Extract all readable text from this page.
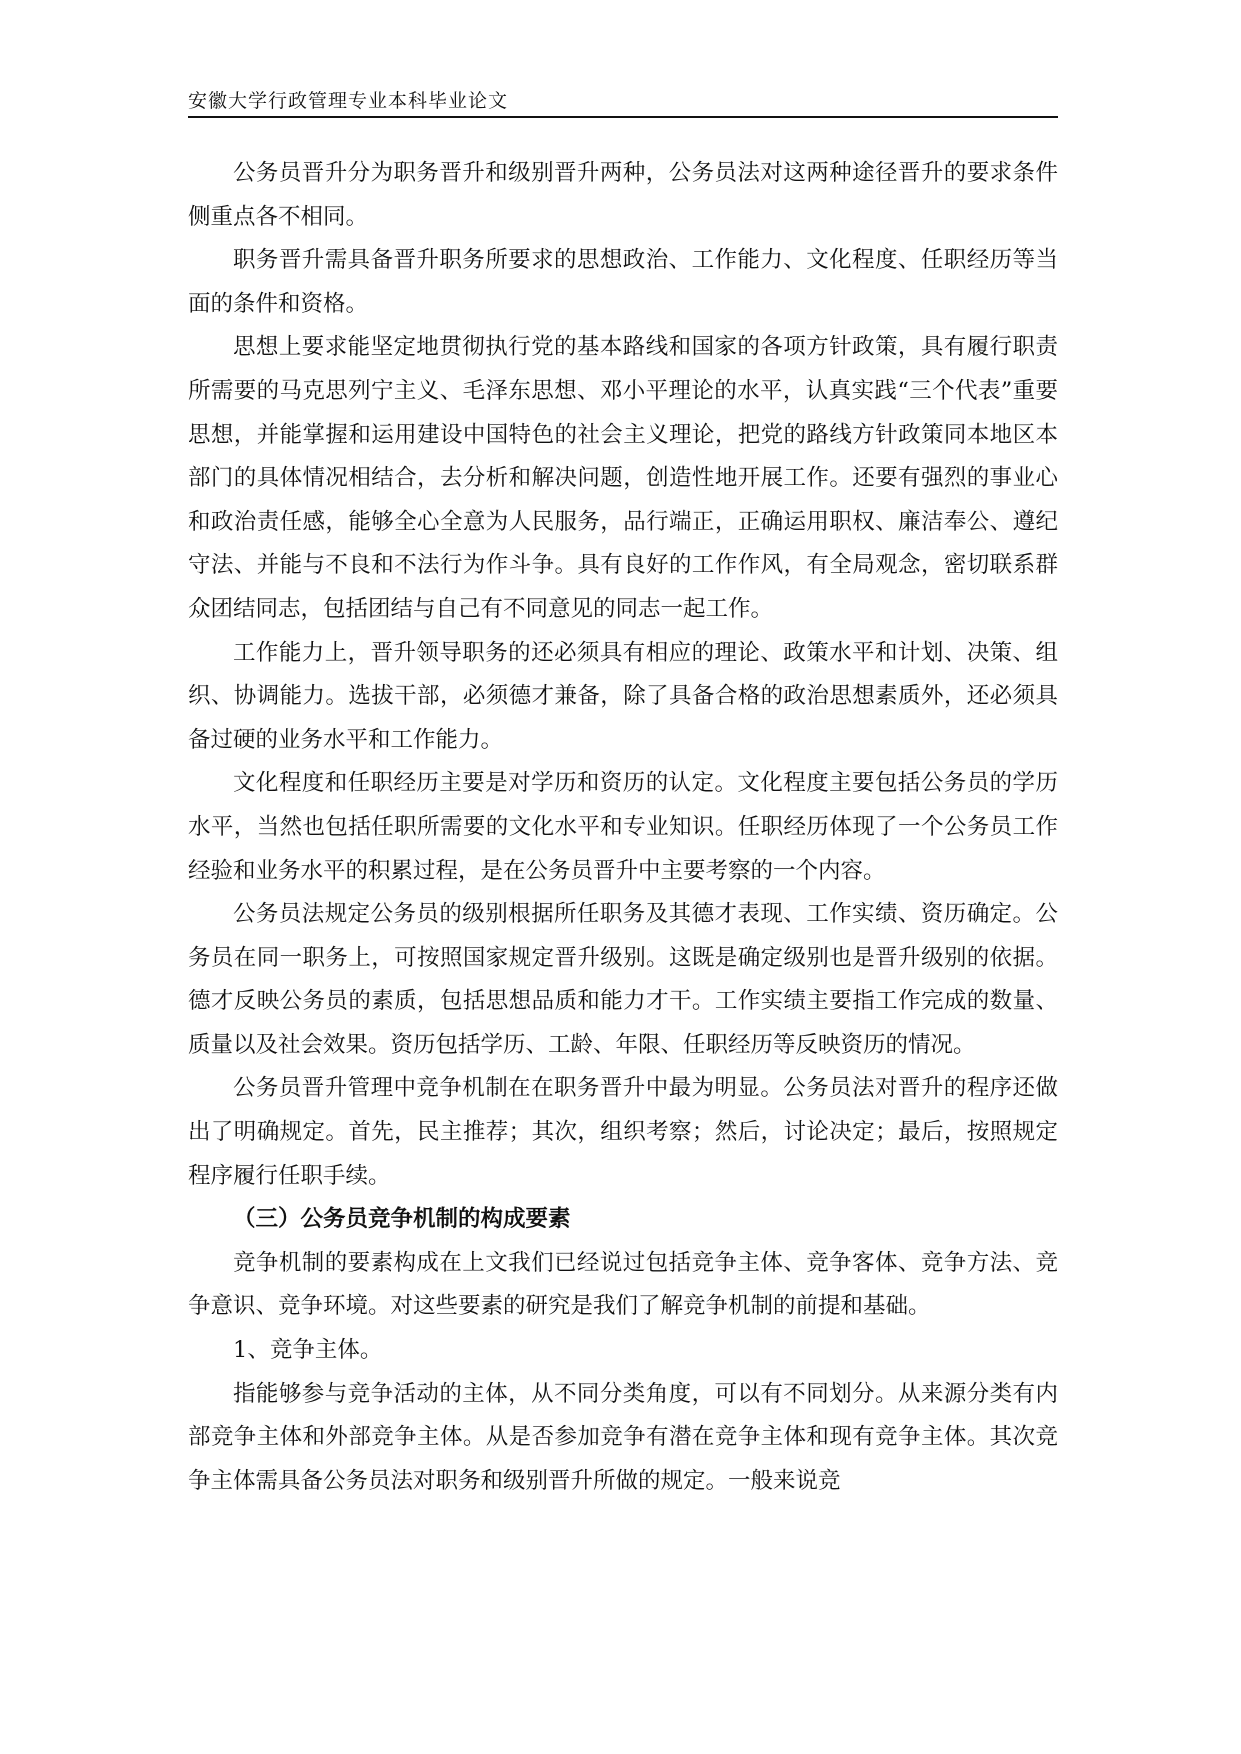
安徽大学行政管理专业本科毕业论文

公务员晋升分为职务晋升和级别晋升两种，公务员法对这两种途径晋升的要求条件侧重点各不相同。

职务晋升需具备晋升职务所要求的思想政治、工作能力、文化程度、任职经历等当面的条件和资格。

思想上要求能坚定地贯彻执行党的基本路线和国家的各项方针政策，具有履行职责所需要的马克思列宁主义、毛泽东思想、邓小平理论的水平，认真实践“三个代表”重要思想，并能掌握和运用建设中国特色的社会主义理论，把党的路线方针政策同本地区本部门的具体情况相结合，去分析和解决问题，创造性地开展工作。还要有强烈的事业心和政治责任感，能够全心全意为人民服务，品行端正，正确运用职权、廉洁奉公、遵纪守法、并能与不良和不法行为作斗争。具有良好的工作作风，有全局观念，密切联系群众团结同志，包括团结与自己有不同意见的同志一起工作。

工作能力上，晋升领导职务的还必须具有相应的理论、政策水平和计划、决策、组织、协调能力。选拔干部，必须德才兼备，除了具备合格的政治思想素质外，还必须具备过硬的业务水平和工作能力。

文化程度和任职经历主要是对学历和资历的认定。文化程度主要包括公务员的学历水平，当然也包括任职所需要的文化水平和专业知识。任职经历体现了一个公务员工作经验和业务水平的积累过程，是在公务员晋升中主要考察的一个内容。

公务员法规定公务员的级别根据所任职务及其德才表现、工作实绩、资历确定。公务员在同一职务上，可按照国家规定晋升级别。这既是确定级别也是晋升级别的依据。德才反映公务员的素质，包括思想品质和能力才干。工作实绩主要指工作完成的数量、质量以及社会效果。资历包括学历、工龄、年限、任职经历等反映资历的情况。

公务员晋升管理中竞争机制在在职务晋升中最为明显。公务员法对晋升的程序还做出了明确规定。首先，民主推荐；其次，组织考察；然后，讨论决定；最后，按照规定程序履行任职手续。

（三）公务员竞争机制的构成要素

竞争机制的要素构成在上文我们已经说过包括竞争主体、竞争客体、竞争方法、竞争意识、竞争环境。对这些要素的研究是我们了解竞争机制的前提和基础。

1、竞争主体。

指能够参与竞争活动的主体，从不同分类角度，可以有不同划分。从来源分类有内部竞争主体和外部竞争主体。从是否参加竞争有潜在竞争主体和现有竞争主体。其次竞争主体需具备公务员法对职务和级别晋升所做的规定。一般来说竞
